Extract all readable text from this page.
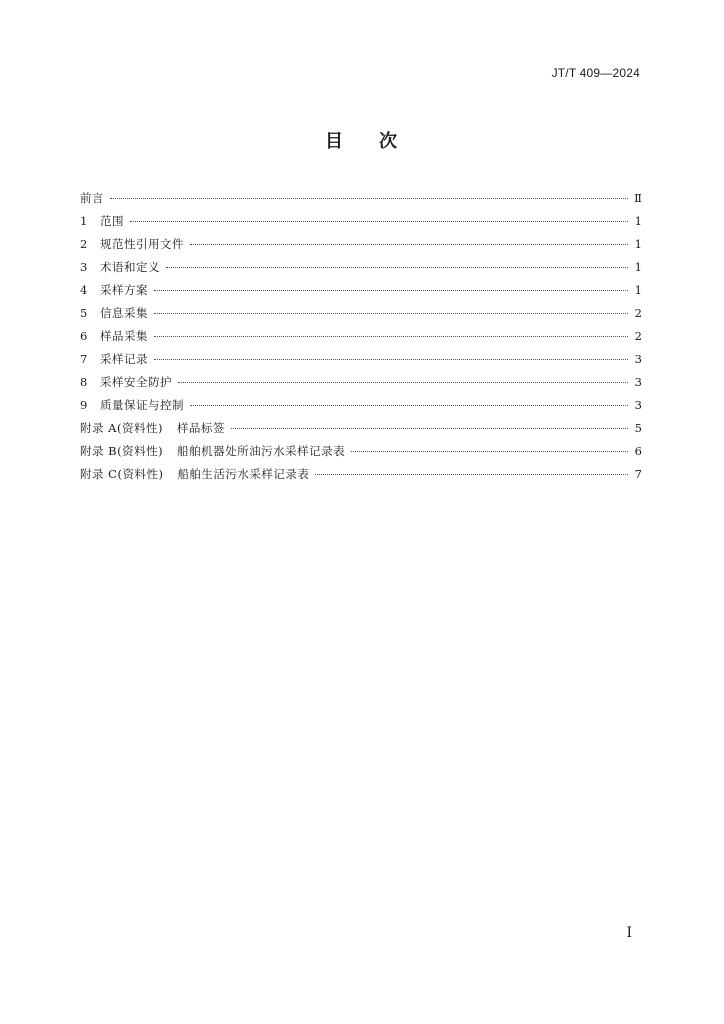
JT/T 409—2024
目 次
前言	Ⅱ
1	范围	1
2	规范性引用文件	1
3	术语和定义	1
4	采样方案	1
5	信息采集	2
6	样品采集	2
7	采样记录	3
8	采样安全防护	3
9	质量保证与控制	3
附录 A(资料性) 样品标签	5
附录 B(资料性) 船舶机器处所油污水采样记录表	6
附录 C(资料性) 船舶生活污水采样记录表	7
I
